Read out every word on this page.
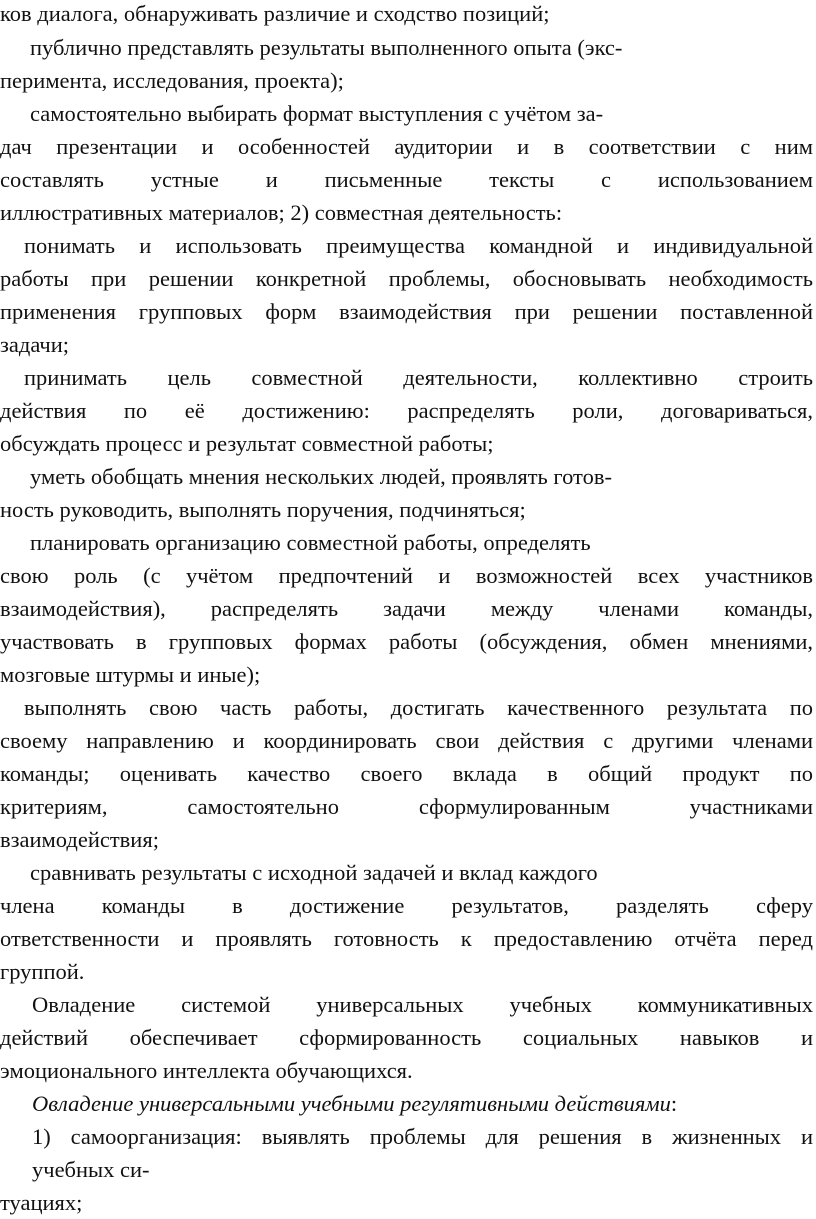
ков диалога, обнаруживать различие и сходство позиций;
публично представлять результаты выполненного опыта (экс-
перимента, исследования, проекта);
самостоятельно выбирать формат выступления с учётом за-
дач презентации и особенностей аудитории и в соответствии с ним
составлять устные и письменные тексты с использованием
иллюстративных материалов; 2) совместная деятельность:
понимать и использовать преимущества командной и индивидуальной
работы при решении конкретной проблемы, обосновывать необходимость
применения групповых форм взаимодействия при решении поставленной
задачи;
принимать цель совместной деятельности, коллективно строить
действия по её достижению: распределять роли, договариваться,
обсуждать процесс и результат совместной работы;
уметь обобщать мнения нескольких людей, проявлять готов-
ность руководить, выполнять поручения, подчиняться;
планировать организацию совместной работы, определять
свою роль (с учётом предпочтений и возможностей всех участников
взаимодействия), распределять задачи между членами команды,
участвовать в групповых формах работы (обсуждения, обмен мнениями,
мозговые штурмы и иные);
выполнять свою часть работы, достигать качественного результата по
своему направлению и координировать свои действия с другими членами
команды; оценивать качество своего вклада в общий продукт по
критериям, самостоятельно сформулированным участниками
взаимодействия;
сравнивать результаты с исходной задачей и вклад каждого
члена команды в достижение результатов, разделять сферу
ответственности и проявлять готовность к предоставлению отчёта перед
группой.
Овладение системой универсальных учебных коммуникативных
действий обеспечивает сформированность социальных навыков и
эмоционального интеллекта обучающихся.
Овладение универсальными учебными регулятивными действиями:
1) самоорганизация: выявлять проблемы для решения в жизненных и
учебных си-
туациях;
